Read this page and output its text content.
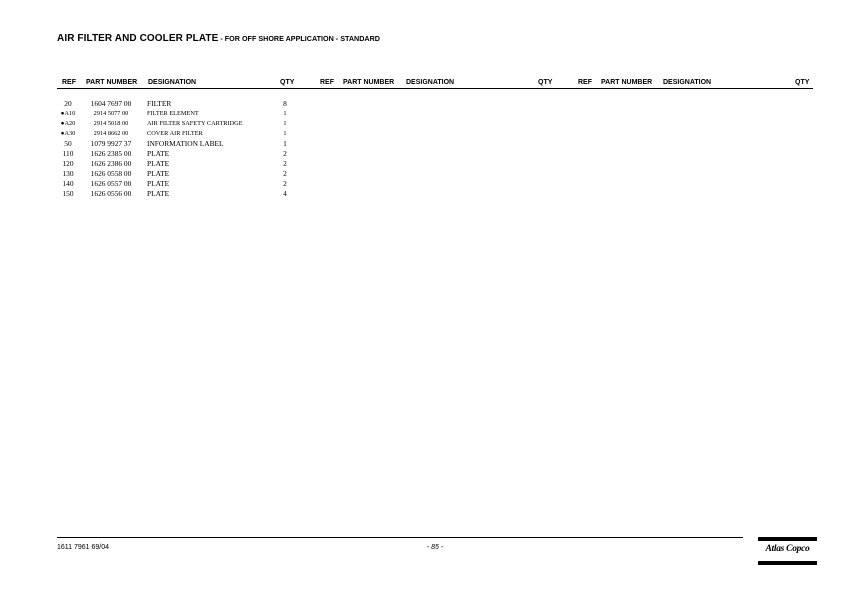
AIR FILTER AND COOLER PLATE - FOR OFF SHORE APPLICATION - STANDARD
REF PART NUMBER DESIGNATION	QTY	REF PART NUMBER DESIGNATION	QTY	REF PART NUMBER DESIGNATION	QTY
20	1604 7697 00	FILTER	8
●A10	2914 5077 00	FILTER ELEMENT	1
●A20	2914 5018 00	AIR FILTER SAFETY CARTRIDGE	1
●A30	2914 8662 00	COVER AIR FILTER	1
50	1079 9927 37	INFORMATION LABEL	1
110	1626 2385 00	PLATE	2
120	1626 2386 00	PLATE	2
130	1626 0558 00	PLATE	2
140	1626 0557 00	PLATE	2
150	1626 0556 00	PLATE	4
1611 7961 69/04	- 85 -	Atlas Copco
